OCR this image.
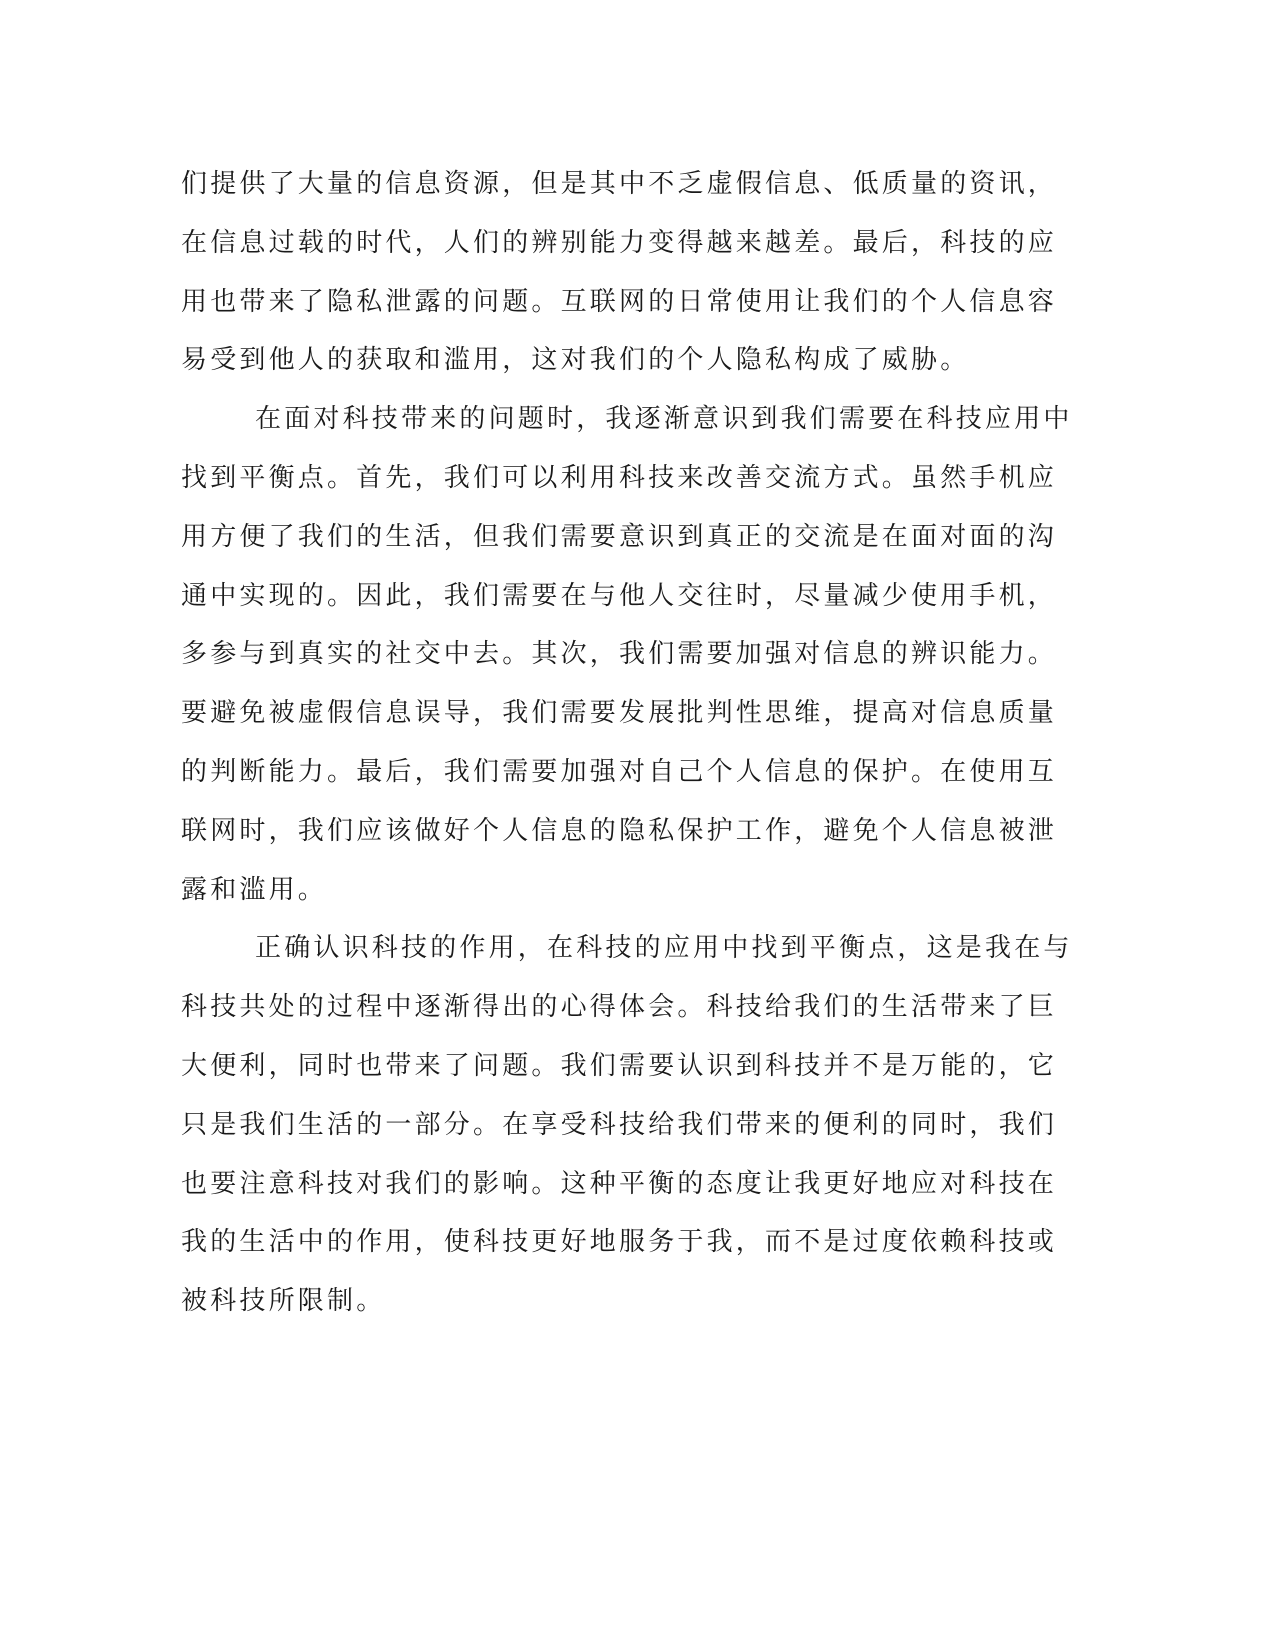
们提供了大量的信息资源，但是其中不乏虚假信息、低质量的资讯，
在信息过载的时代，人们的辨别能力变得越来越差。最后，科技的应
用也带来了隐私泄露的问题。互联网的日常使用让我们的个人信息容
易受到他人的获取和滥用，这对我们的个人隐私构成了威胁。
在面对科技带来的问题时，我逐渐意识到我们需要在科技应用中
找到平衡点。首先，我们可以利用科技来改善交流方式。虽然手机应
用方便了我们的生活，但我们需要意识到真正的交流是在面对面的沟
通中实现的。因此，我们需要在与他人交往时，尽量减少使用手机，
多参与到真实的社交中去。其次，我们需要加强对信息的辨识能力。
要避免被虚假信息误导，我们需要发展批判性思维，提高对信息质量
的判断能力。最后，我们需要加强对自己个人信息的保护。在使用互
联网时，我们应该做好个人信息的隐私保护工作，避免个人信息被泄
露和滥用。
正确认识科技的作用，在科技的应用中找到平衡点，这是我在与
科技共处的过程中逐渐得出的心得体会。科技给我们的生活带来了巨
大便利，同时也带来了问题。我们需要认识到科技并不是万能的，它
只是我们生活的一部分。在享受科技给我们带来的便利的同时，我们
也要注意科技对我们的影响。这种平衡的态度让我更好地应对科技在
我的生活中的作用，使科技更好地服务于我，而不是过度依赖科技或
被科技所限制。
